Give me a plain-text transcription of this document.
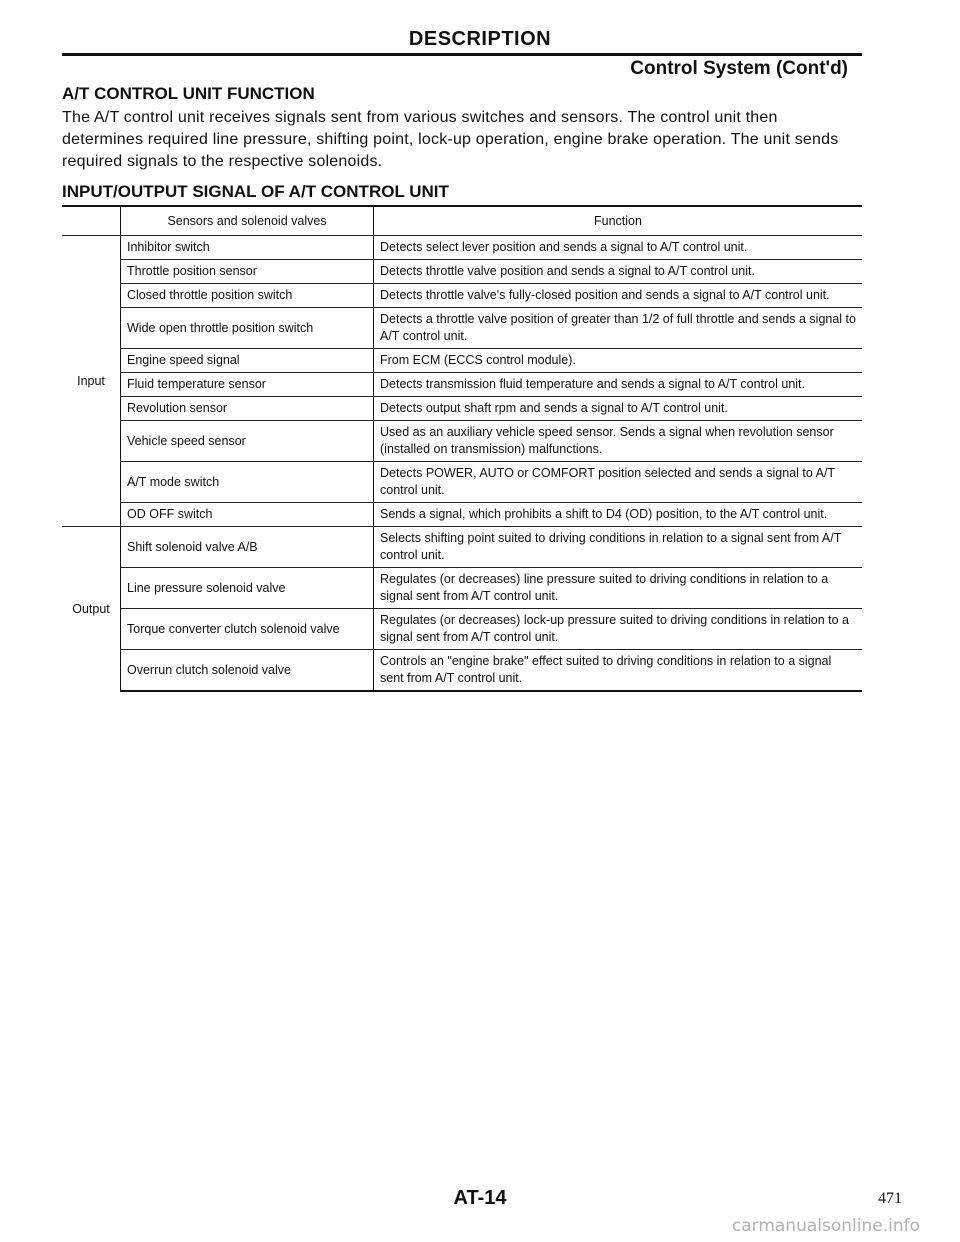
DESCRIPTION
Control System (Cont'd)
A/T CONTROL UNIT FUNCTION
The A/T control unit receives signals sent from various switches and sensors. The control unit then determines required line pressure, shifting point, lock-up operation, engine brake operation. The unit sends required signals to the respective solenoids.
INPUT/OUTPUT SIGNAL OF A/T CONTROL UNIT
	Sensors and solenoid valves	Function
Input	Inhibitor switch	Detects select lever position and sends a signal to A/T control unit.
	Throttle position sensor	Detects throttle valve position and sends a signal to A/T control unit.
	Closed throttle position switch	Detects throttle valve's fully-closed position and sends a signal to A/T control unit.
	Wide open throttle position switch	Detects a throttle valve position of greater than 1/2 of full throttle and sends a signal to A/T control unit.
	Engine speed signal	From ECM (ECCS control module).
	Fluid temperature sensor	Detects transmission fluid temperature and sends a signal to A/T control unit.
	Revolution sensor	Detects output shaft rpm and sends a signal to A/T control unit.
	Vehicle speed sensor	Used as an auxiliary vehicle speed sensor. Sends a signal when revolution sensor (installed on transmission) malfunctions.
	A/T mode switch	Detects POWER, AUTO or COMFORT position selected and sends a signal to A/T control unit.
	OD OFF switch	Sends a signal, which prohibits a shift to D4 (OD) position, to the A/T control unit.
Output	Shift solenoid valve A/B	Selects shifting point suited to driving conditions in relation to a signal sent from A/T control unit.
	Line pressure solenoid valve	Regulates (or decreases) line pressure suited to driving conditions in relation to a signal sent from A/T control unit.
	Torque converter clutch solenoid valve	Regulates (or decreases) lock-up pressure suited to driving conditions in relation to a signal sent from A/T control unit.
	Overrun clutch solenoid valve	Controls an "engine brake" effect suited to driving conditions in relation to a signal sent from A/T control unit.
AT-14	471
carmanualsonline.info
